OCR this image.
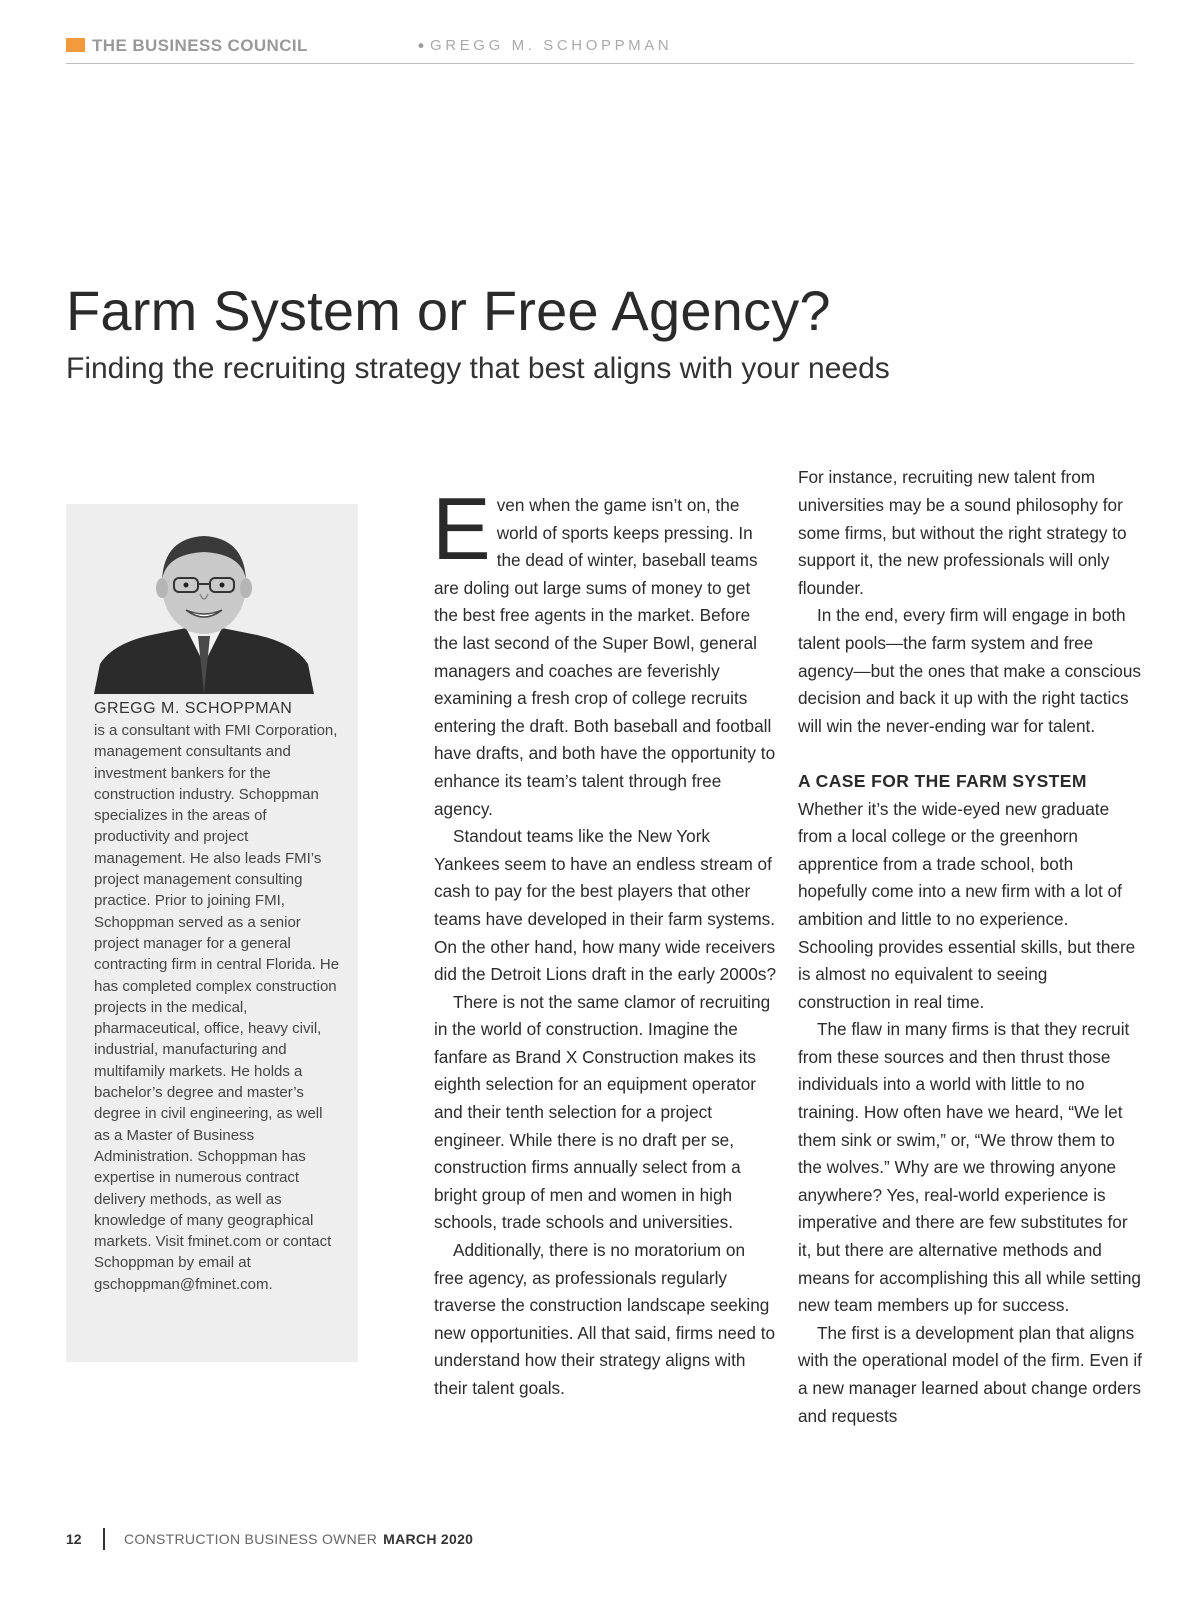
THE BUSINESS COUNCIL	• GREGG M. SCHOPPMAN
Farm System or Free Agency?
Finding the recruiting strategy that best aligns with your needs
GREGG M. SCHOPPMAN
is a consultant with FMI Corporation, management consultants and investment bankers for the construction industry. Schoppman specializes in the areas of productivity and project management. He also leads FMI’s project management consulting practice. Prior to joining FMI, Schoppman served as a senior project manager for a general contracting firm in central Florida. He has completed complex construction projects in the medical, pharmaceutical, office, heavy civil, industrial, manufacturing and multifamily markets. He holds a bachelor’s degree and master’s degree in civil engineering, as well as a Master of Business Administration. Schoppman has expertise in numerous contract delivery methods, as well as knowledge of many geographical markets. Visit fminet.com or contact Schoppman by email at gschoppman@fminet.com.

Even when the game isn’t on, the world of sports keeps pressing. In the dead of winter, baseball teams are doling out large sums of money to get the best free agents in the market. Before the last second of the Super Bowl, general managers and coaches are feverishly examining a fresh crop of college recruits entering the draft. Both baseball and football have drafts, and both have the opportunity to enhance its team’s talent through free agency.

Standout teams like the New York Yankees seem to have an endless stream of cash to pay for the best players that other teams have developed in their farm systems. On the other hand, how many wide receivers did the Detroit Lions draft in the early 2000s?

There is not the same clamor of recruiting in the world of construction. Imagine the fanfare as Brand X Construction makes its eighth selection for an equipment operator and their tenth selection for a project engineer. While there is no draft per se, construction firms annually select from a bright group of men and women in high schools, trade schools and universities.

Additionally, there is no moratorium on free agency, as professionals regularly traverse the construction landscape seeking new opportunities. All that said, firms need to understand how their strategy aligns with their talent goals.

For instance, recruiting new talent from universities may be a sound philosophy for some firms, but without the right strategy to support it, the new professionals will only flounder.

In the end, every firm will engage in both talent pools—the farm system and free agency—but the ones that make a conscious decision and back it up with the right tactics will win the never-ending war for talent.

A CASE FOR THE FARM SYSTEM

Whether it’s the wide-eyed new graduate from a local college or the greenhorn apprentice from a trade school, both hopefully come into a new firm with a lot of ambition and little to no experience. Schooling provides essential skills, but there is almost no equivalent to seeing construction in real time.

The flaw in many firms is that they recruit from these sources and then thrust those individuals into a world with little to no training. How often have we heard, “We let them sink or swim,” or, “We throw them to the wolves.” Why are we throwing anyone anywhere? Yes, real-world experience is imperative and there are few substitutes for it, but there are alternative methods and means for accomplishing this all while setting new team members up for success.

The first is a development plan that aligns with the operational model of the firm. Even if a new manager learned about change orders and requests

12	CONSTRUCTION BUSINESS OWNER MARCH 2020
